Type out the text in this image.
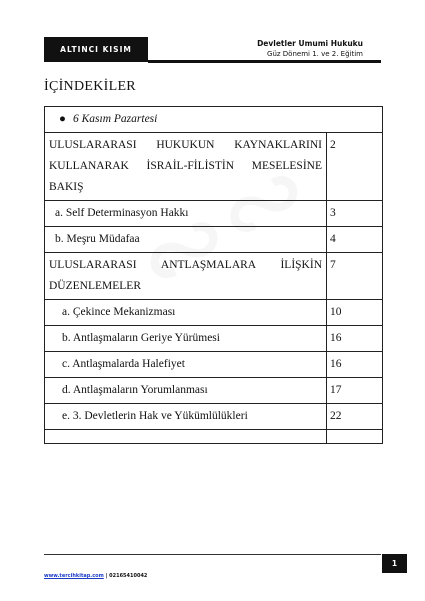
ALTINCI KISIM
Devletler Umumi Hukuku
Güz Dönemi 1. ve 2. Eğitim
İÇİNDEKİLER
● 6 Kasım Pazartesi	

ULUSLARARASI HUKUKUN KAYNAKLARINI
KULLANARAK İSRAİL-FİLİSTİN MESELESİNE
BAKIŞ	2
a. Self Determinasyon Hakkı	3
b. Meşru Müdafaa	4

ULUSLARARASI ANTLAŞMALARA İLİŞKİN
DÜZENLEMELER	7
a. Çekince Mekanizması	10
b. Antlaşmaların Geriye Yürümesi	16
c. Antlaşmalarda Halefiyet	16
d. Antlaşmaların Yorumlanması	17
e. 3. Devletlerin Hak ve Yükümlülükleri	22

1
www.tercihkitap.com | 02165410042
